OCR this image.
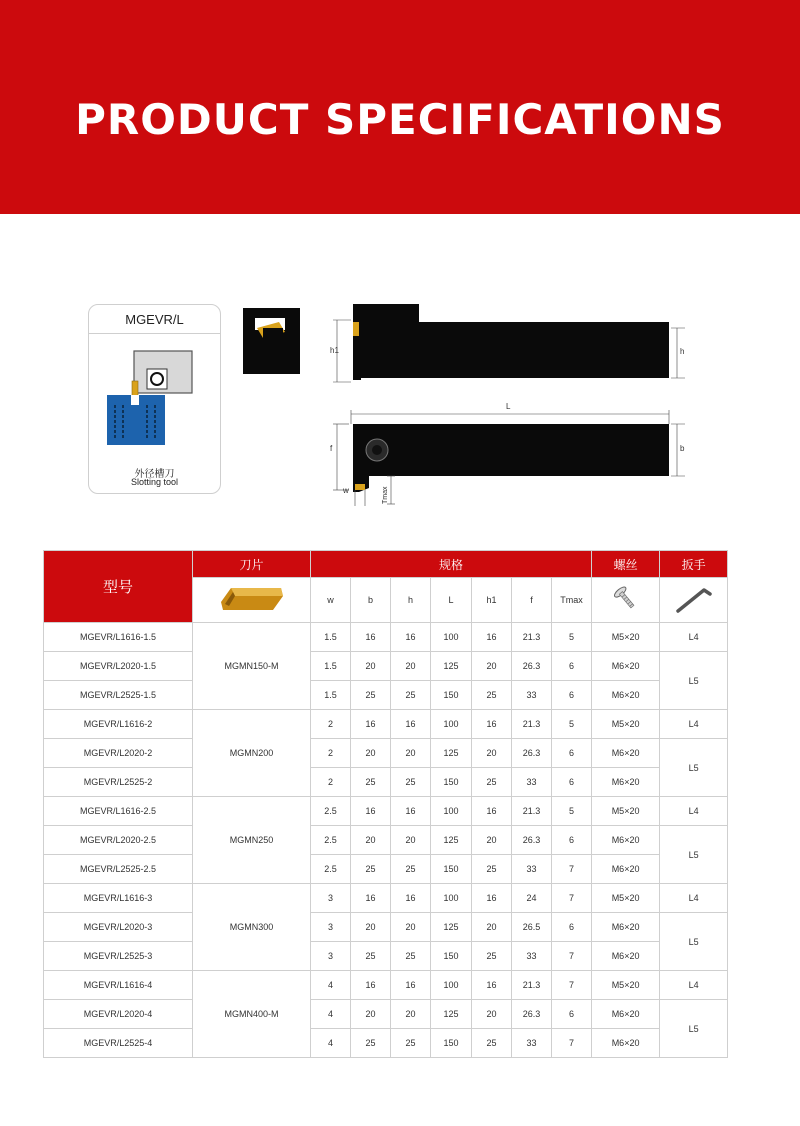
PRODUCT SPECIFICATIONS
MGEVR/L
外径槽刀
Slotting tool
h1	h
L
f	b
w	Tmax
型号	刀片	规格							螺丝	扳手
	w	b	h	L	h1	f	Tmax		
MGEVR/L1616-1.5	MGMN150-M	1.5	16	16	100	16	21.3	5	M5×20	L4
MGEVR/L2020-1.5		1.5	20	20	125	20	26.3	6	M6×20	L5
MGEVR/L2525-1.5		1.5	25	25	150	25	33	6	M6×20	
MGEVR/L1616-2	MGMN200	2	16	16	100	16	21.3	5	M5×20	L4
MGEVR/L2020-2		2	20	20	125	20	26.3	6	M6×20	L5
MGEVR/L2525-2		2	25	25	150	25	33	6	M6×20	
MGEVR/L1616-2.5	MGMN250	2.5	16	16	100	16	21.3	5	M5×20	L4
MGEVR/L2020-2.5		2.5	20	20	125	20	26.3	6	M6×20	L5
MGEVR/L2525-2.5		2.5	25	25	150	25	33	7	M6×20	
MGEVR/L1616-3	MGMN300	3	16	16	100	16	24	7	M5×20	L4
MGEVR/L2020-3		3	20	20	125	20	26.5	6	M6×20	L5
MGEVR/L2525-3		3	25	25	150	25	33	7	M6×20	
MGEVR/L1616-4	MGMN400-M	4	16	16	100	16	21.3	7	M5×20	L4
MGEVR/L2020-4		4	20	20	125	20	26.3	6	M6×20	L5
MGEVR/L2525-4		4	25	25	150	25	33	7	M6×20	
